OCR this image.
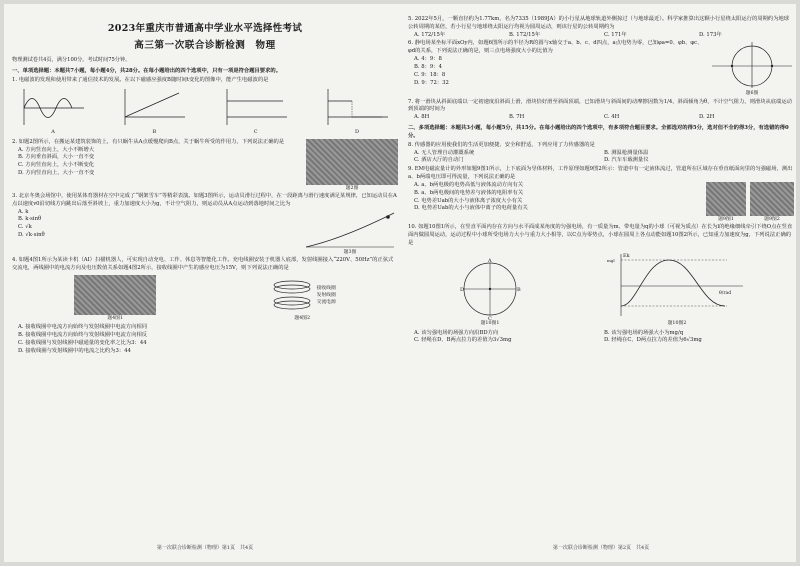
2023年重庆市普通高中学业水平选择性考试
高三第一次联合诊断检测　物理
物理测试卷共4页，满分100分。考试时间75分钟。
一、单项选择题：本题共7小题，每小题4分，共28分。在每小题给出的四个选项中，只有一项是符合题目要求的。
1. 电磁波的发现和使用带来了通信技术的发展。在以下磁感应强度B随时间t变化的图像中，能产生电磁波的是
A	B	C	D
题2图
2. 如题2图所示，在搬运某建筑装饰的上，有只蜗牛从A点缓慢爬向B点，关于蜗牛所受的作用力，下列说法正确的是
A. 方向竖直向上，大小不断增大
B. 方向垂直斜面，大小一直不变
C. 方向竖直向上，大小不断变化
D. 方向竖直向上，大小一直不变
3. 北京冬奥会场馆中，使用某体育器材在空中完成了“钢架雪车”等精彩表演。如题3图所示，运动员滑行过程中，在一段距离与滑行速度满足某规律，已知运动员在A点以速度v0沿切线方向跳出后落至斜坡上，重力加速度大小为g，不计空气阻力，则运动员从A点运动到落地时间之比为
题3图
A. k
B. k·sinθ
C. √k
D. √k·sinθ
4. 如题4图1所示为某读卡机（AI）扫描机器人，可实现自动充电、工作、休息等智能化工作。充电线圈安装于机器人底部，发射线圈接入“220V、50Hz”的正弦式交流电，两线圈中的电流方向及电压数值关系如题4图2所示，接收线圈中产生的感应电压为15V，则下列说法正确的是
题4图1
接收线圈
发射线圈
交流电源
题4图2
A. 接收线圈中电流方向始终与发射线圈中电流方向相同
B. 接收线圈中电流方向始终与发射线圈中电流方向相反
C. 接收线圈与发射线圈中磁通量的变化率之比为3：44
D. 接收线圈与发射线圈中的电流之比约为3：44
第一次联合诊断检测（物理）第1页　共4页
5. 2022年5月，一颗直径约为1.77km，名为7335（1989JA）的小行星从地球轨道外侧掠过（与地球最近）。科学家推算出这颗小行星绕太阳运行的周期约为地球公转周期的某倍，若小行星与地球绕太阳运行均视为圆周运动，则该行星的公转周期约为
A. 172/15年	B. 172/15年	C. 171年	D. 173年
题6图
6. 静电场某坐标平面xOy内，如题6图所示的半径为R的圆与x轴交于a、b、c、d四点，a点电势为零，已知φa=0、φb、φc、φd的关系，下列说法正确的是，则三点电场强度大小的比值为
A. 4：9：8
B. 8：9：4
C. 9：18：8
D. 9：72：32
7. 将一滑块从斜面底端以一定初速度沿斜面上滑，滑块恰好滑至斜面顶端，已知滑块与斜面间的动摩擦因数为1/4，斜面倾角为θ，不计空气阻力，则滑块从底端运动到顶端的时间为
A. 8H	B. 7H	C. 4H	D. 2H
二、多项选择题：本题共3小题，每小题5分，共15分。在每小题给出的四个选项中，有多项符合题目要求。全部选对的得5分，选对但不全的得3分，有选错的得0分。
8. 传感器的应用使我们的生活更加便捷、安全和舒适，下列应用了力传感器的是
A. 无人管理自动灌溉系统	B. 测温枪测量体温
C. 酒店大厅的自动门	D. 汽车车载测量仪
9. EM电磁流量计的外形如题9图1所示，上下底面为导体材料，工作原理如题9图2所示：管道中有一定液体流过，管道所在区域存在垂直纸面向里的匀强磁场，测出a、b两端电压即可得流量，下列说法正确的是
题9图1	题9图2
A. a、b两电极的电势高低与液体流动方向有关
B. a、b两电极间的电势差与液体的电阻率有关
C. 电势差Uab的大小与液体离子浓度大小有关
D. 电势差Uab的大小与液体中离子的电荷量有关
10. 如题10图1所示，在竖直平面内存在方向与水平面成某角度的匀强电场，有一质量为m、带电量为q的小球（可视为质点）在长为l的绝缘细线牵引下绕O点在竖直面内做圆周运动，运动过程中小球所受电场力大小与重力大小相等，以C点为零势点，小球在圆周上各点动能如题10图2所示，已知重力加速度为g，下列说法正确的是
D	B
A
C
题10图1
Ek
θ/rad
mgl
题10图2
A. 该匀强电场的场强方向沿BD方向	B. 该匀强电场的场强大小为mg/q
C. 轻绳在D、B两点拉力的差值为3√3mg	D. 轻绳在C、D两点拉力的差值为6√3mg
第一次联合诊断检测（物理）第2页　共4页
